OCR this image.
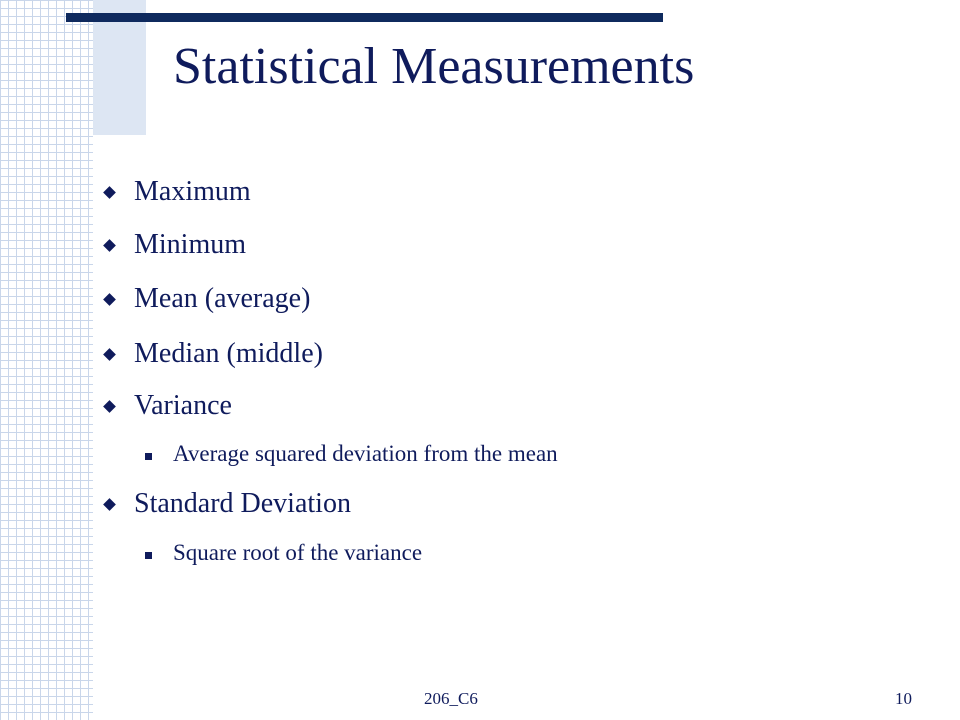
Statistical Measurements
Maximum
Minimum
Mean (average)
Median (middle)
Variance
Average squared deviation from the mean
Standard Deviation
Square root of the variance
206_C6	10
